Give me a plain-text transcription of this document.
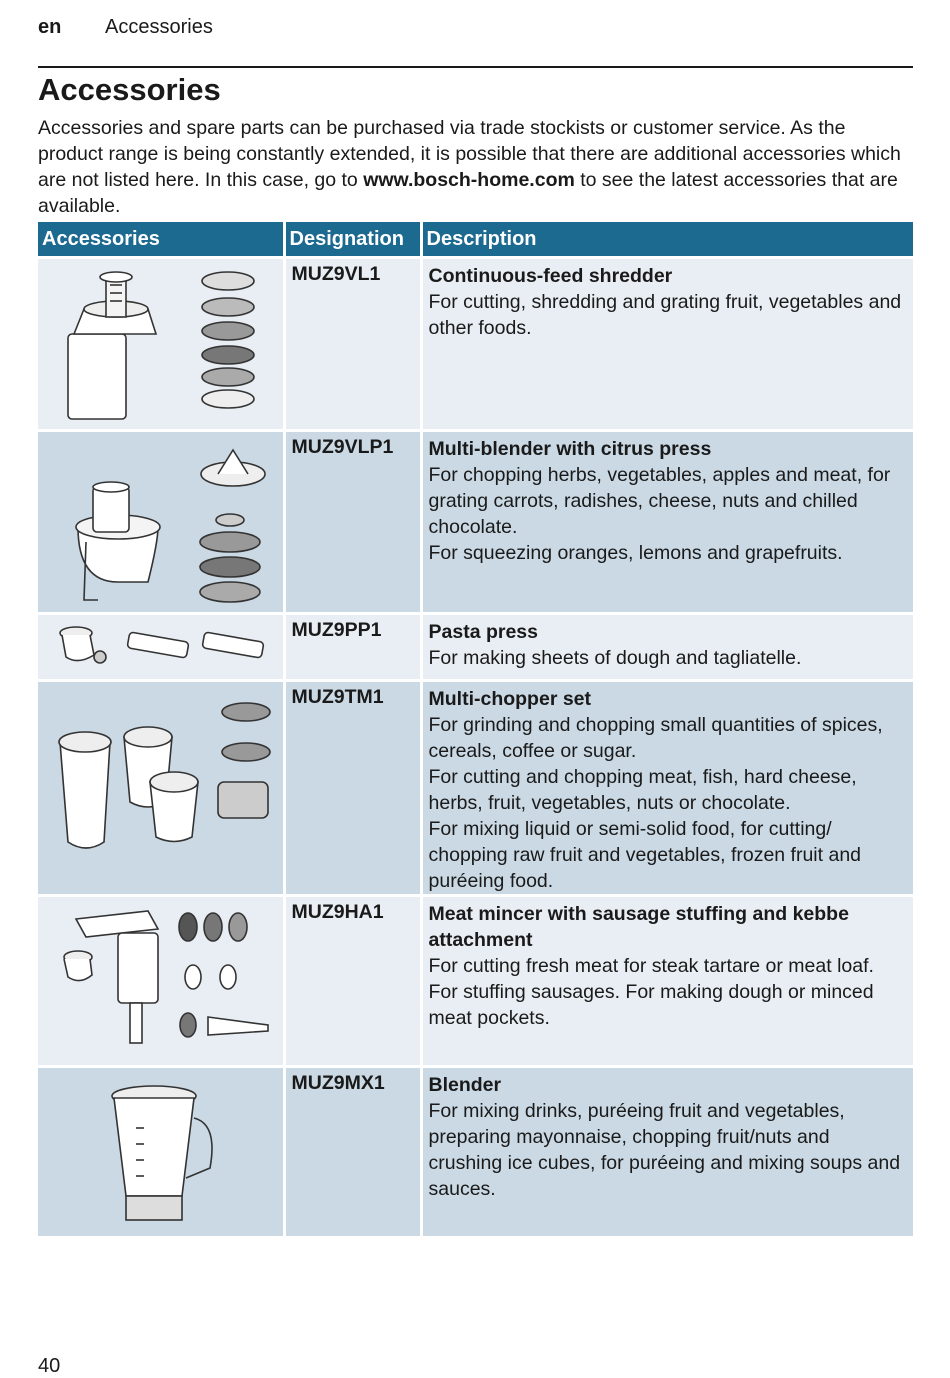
en Accessories
Accessories

Accessories and spare parts can be purchased via trade stockists or customer service. As the product range is being constantly extended, it is possible that there are additional accessories which are not listed here. In this case, go to www.bosch-home.com to see the latest accessories that are available.

Accessories	Designation	Description

	MUZ9VL1	Continuous-feed shredder
For cutting, shredding and grating fruit, vegetables and other foods.

	MUZ9VLP1	Multi-blender with citrus press
For chopping herbs, vegetables, apples and meat, for grating carrots, radishes, cheese, nuts and chilled chocolate.
For squeezing oranges, lemons and grapefruits.

	MUZ9PP1	Pasta press
For making sheets of dough and tagliatelle.

	MUZ9TM1	Multi-chopper set
For grinding and chopping small quantities of spices, cereals, coffee or sugar.
For cutting and chopping meat, fish, hard cheese, herbs, fruit, vegetables, nuts or chocolate.
For mixing liquid or semi-solid food, for cutting/ chopping raw fruit and vegetables, frozen fruit and puréeing food.

	MUZ9HA1	Meat mincer with sausage stuffing and kebbe attachment
For cutting fresh meat for steak tartare or meat loaf. For stuffing sausages. For making dough or minced meat pockets.

	MUZ9MX1	Blender
For mixing drinks, puréeing fruit and vegetables, preparing mayonnaise, chopping fruit/nuts and crushing ice cubes, for puréeing and mixing soups and sauces.
40
